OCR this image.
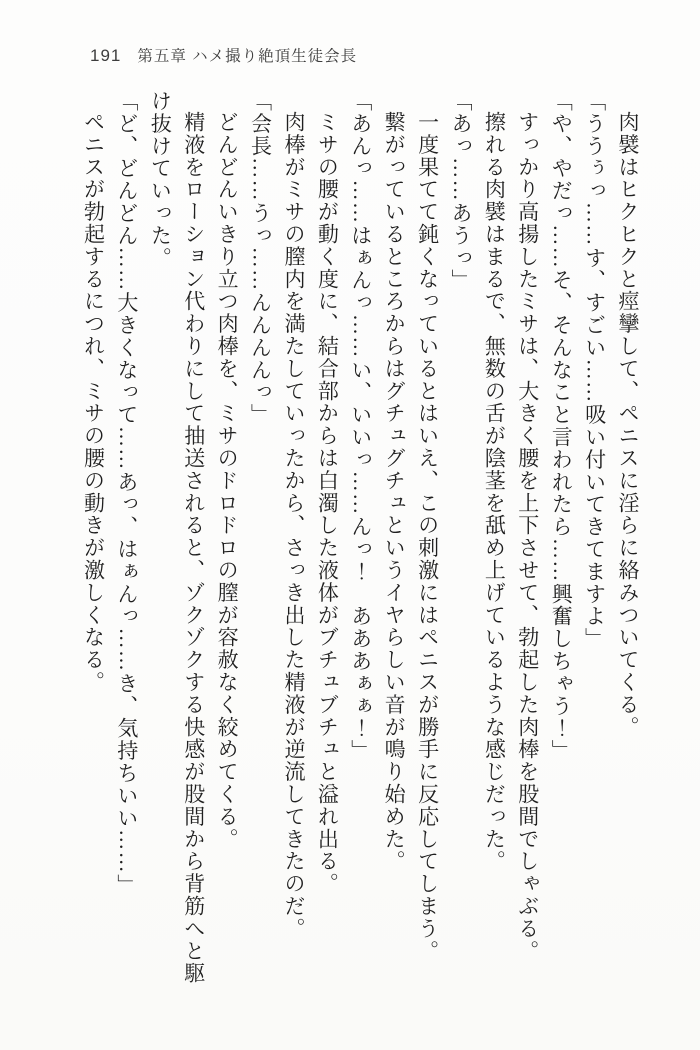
191 第五章 ハメ撮り絶頂生徒会長

肉襞はヒクヒクと痙攣して、ペニスに淫らに絡みついてくる。

「ううぅっ……す、すごい……吸い付いてきてますよ」

「や、やだっ……そ、そんなこと言われたら……興奮しちゃう！」

すっかり高揚したミサは、大きく腰を上下させて、勃起した肉棒を股間でしゃぶる。

擦れる肉襞はまるで、無数の舌が陰茎を舐め上げているような感じだった。

「あっ……あうっ」

一度果てて鈍くなっているとはいえ、この刺激にはペニスが勝手に反応してしまう。

繋がっているところからはグチュグチュというイヤらしい音が鳴り始めた。

「あんっ……はぁんっ……い、いいっ……んっ！　あああぁぁ！」

ミサの腰が動く度に、結合部からは白濁した液体がブチュブチュと溢れ出る。

肉棒がミサの膣内を満たしていったから、さっき出した精液が逆流してきたのだ。

「会長……うっ……んんんんっ」

どんどんいきり立つ肉棒を、ミサのドロドロの膣が容赦なく絞めてくる。

精液をローション代わりにして抽送されると、ゾクゾクする快感が股間から背筋へと駆け抜けていった。

「ど、どんどん……大きくなって……あっ、はぁんっ……き、気持ちいい……」

ペニスが勃起するにつれ、ミサの腰の動きが激しくなる。
